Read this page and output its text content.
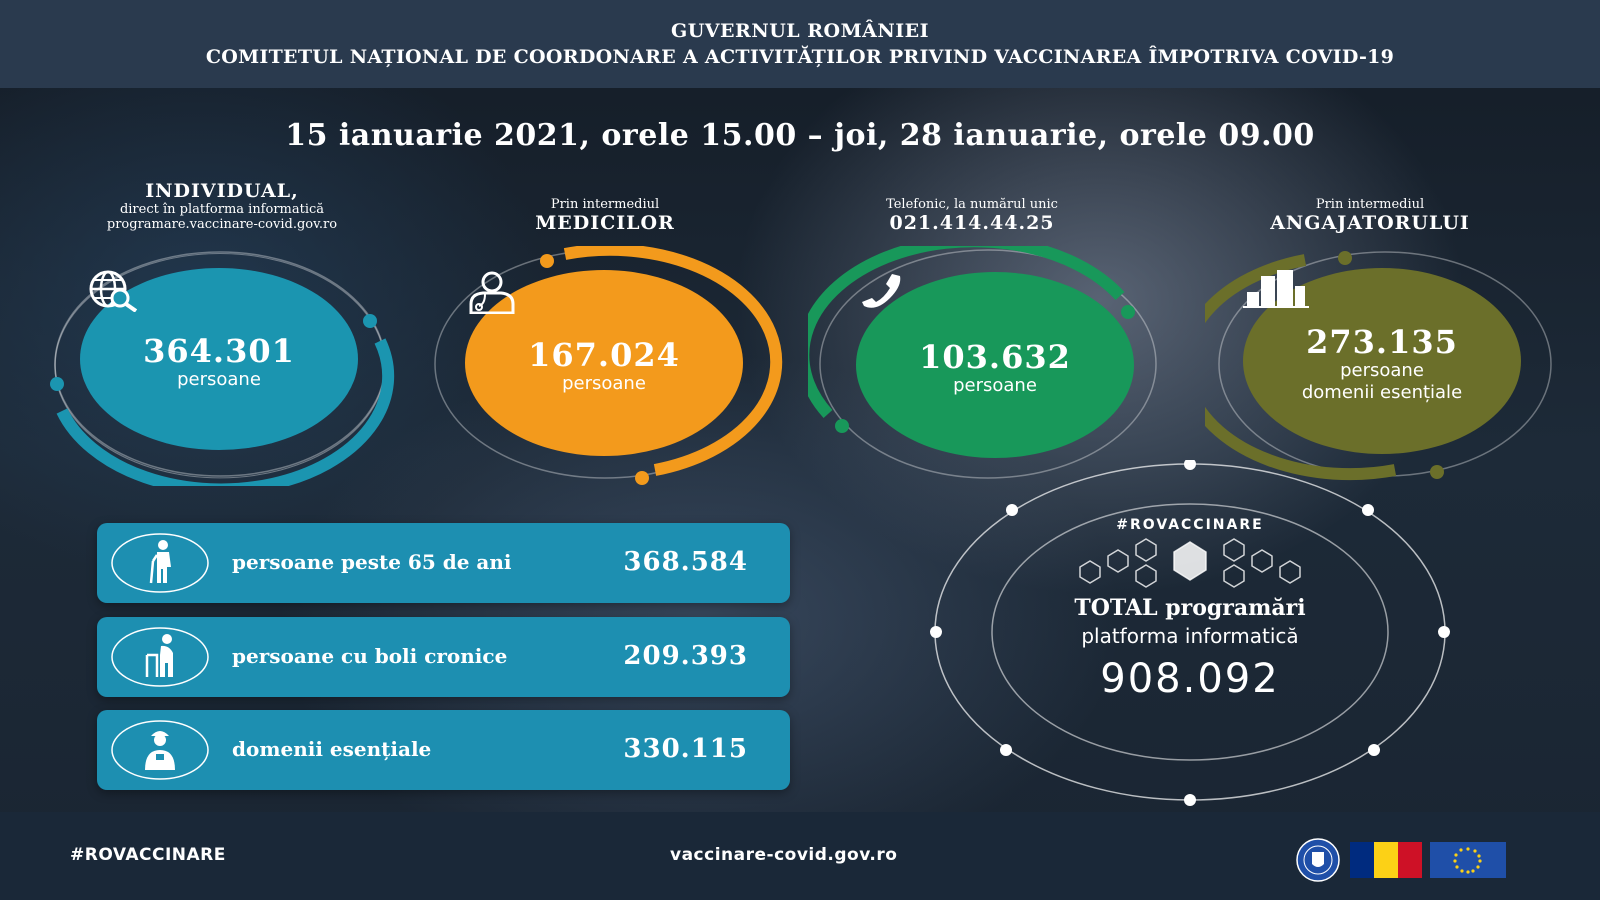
GUVERNUL ROMÂNIEI
COMITETUL NAȚIONAL DE COORDONARE A ACTIVITĂȚILOR PRIVIND VACCINAREA ÎMPOTRIVA COVID-19
15 ianuarie 2021, orele 15.00 – joi, 28 ianuarie, orele 09.00
INDIVIDUAL,
direct în platforma informatică
programare.vaccinare-covid.gov.ro
Prin intermediul
MEDICILOR
Telefonic, la numărul unic
021.414.44.25
Prin intermediul
ANGAJATORULUI
364.301
persoane
167.024
persoane
103.632
persoane
273.135
persoane
domenii esențiale
persoane peste 65 de ani	368.584
persoane cu boli cronice	209.393
domenii esențiale	330.115
#ROVACCINARE
TOTAL programări
platforma informatică
908.092
#ROVACCINARE	vaccinare-covid.gov.ro
